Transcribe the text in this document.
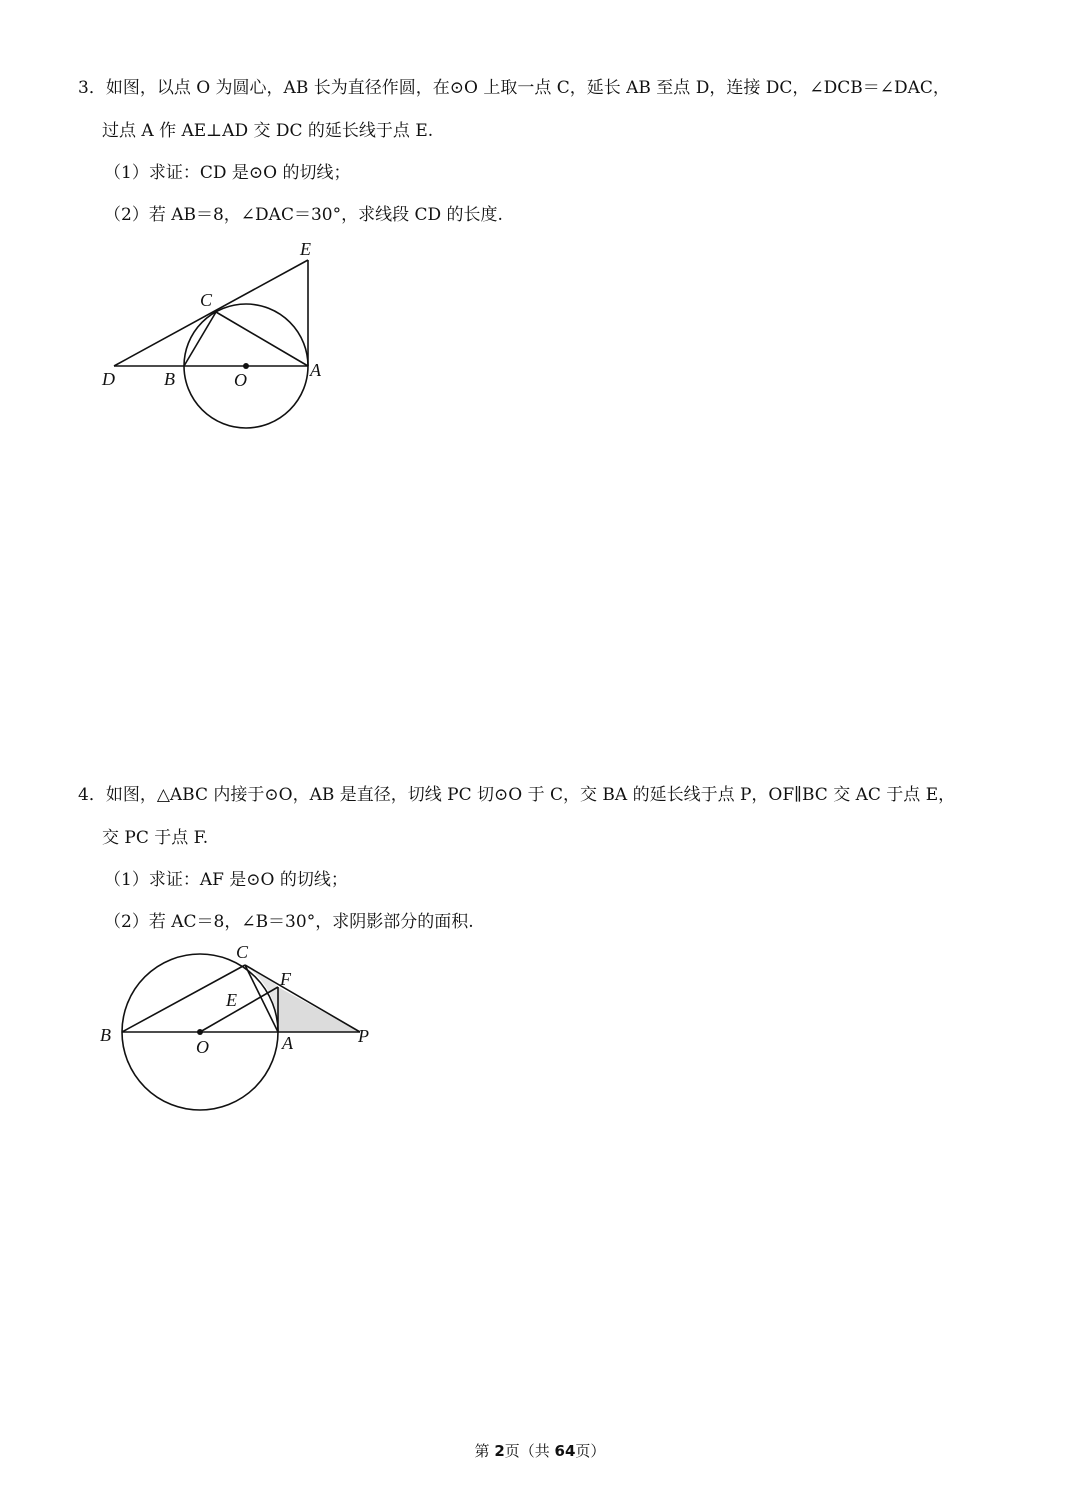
3．如图，以点 O 为圆心，AB 长为直径作圆，在⊙O 上取一点 C，延长 AB 至点 D，连接 DC，∠DCB＝∠DAC，
过点 A 作 AE⊥AD 交 DC 的延长线于点 E.
（1）求证：CD 是⊙O 的切线；
（2）若 AB＝8，∠DAC＝30°，求线段 CD 的长度.
E
C
D	B	O	A
4．如图，△ABC 内接于⊙O，AB 是直径，切线 PC 切⊙O 于 C，交 BA 的延长线于点 P，OF∥BC 交 AC 于点 E，
交 PC 于点 F.
（1）求证：AF 是⊙O 的切线；
（2）若 AC＝8，∠B＝30°，求阴影部分的面积.
C
F
E
B
O	A	P
第 2页（共 64页）
